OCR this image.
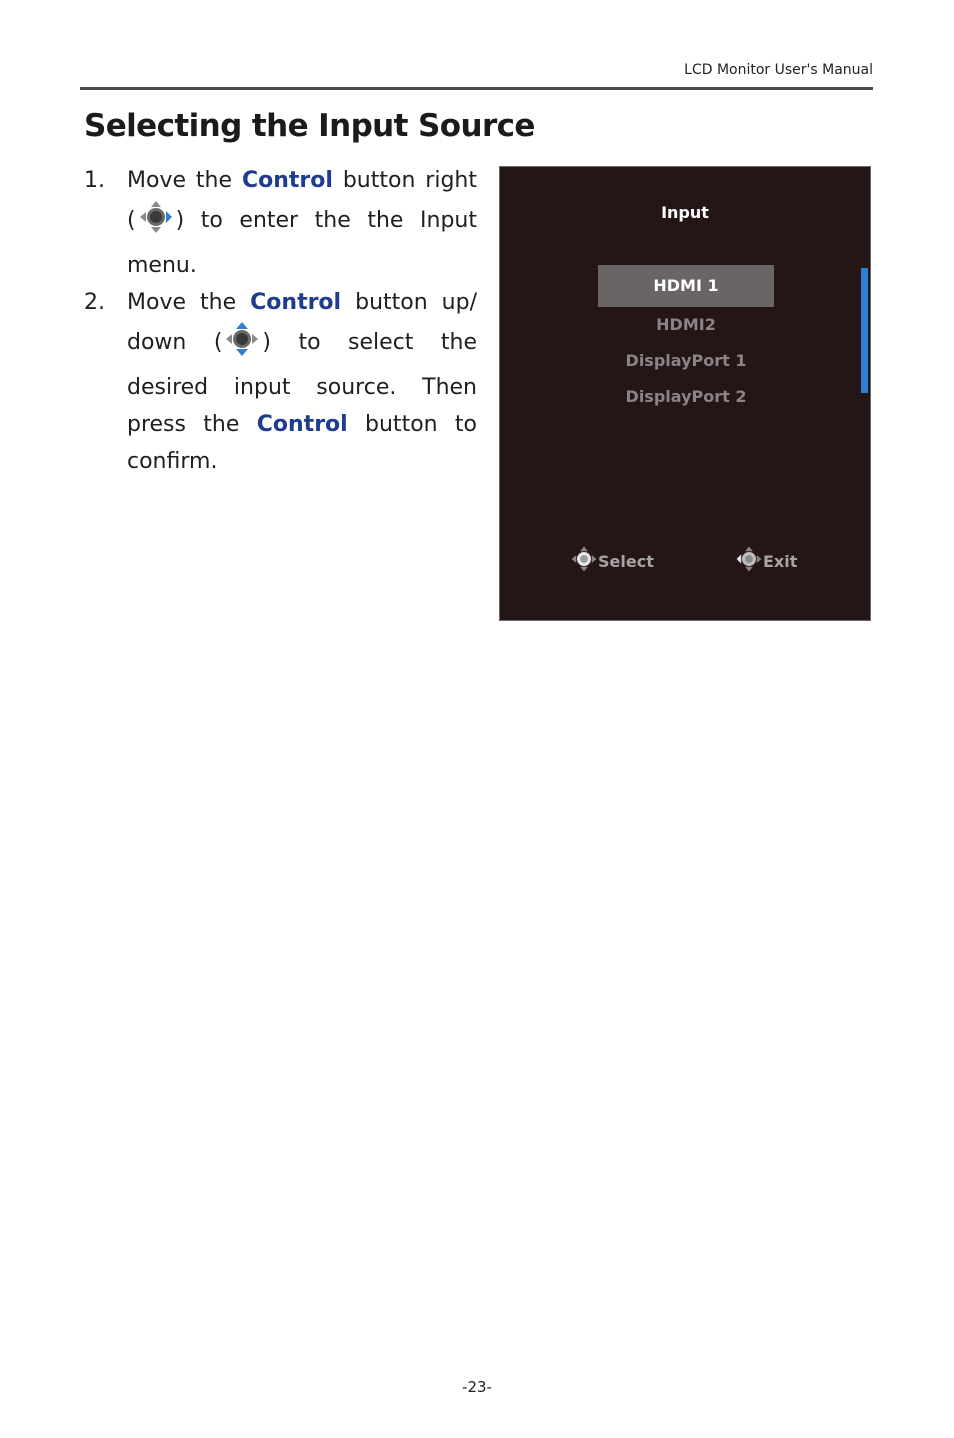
LCD Monitor User's Manual
Selecting the Input Source
1.	Move the Control button right ( ) to enter the the Input menu.
2.	Move the Control button up/ down ( ) to select the desired input source. Then press the Control button to confirm.
Input
HDMI 1
HDMI2
DisplayPort 1
DisplayPort 2
Select	Exit
-23-
